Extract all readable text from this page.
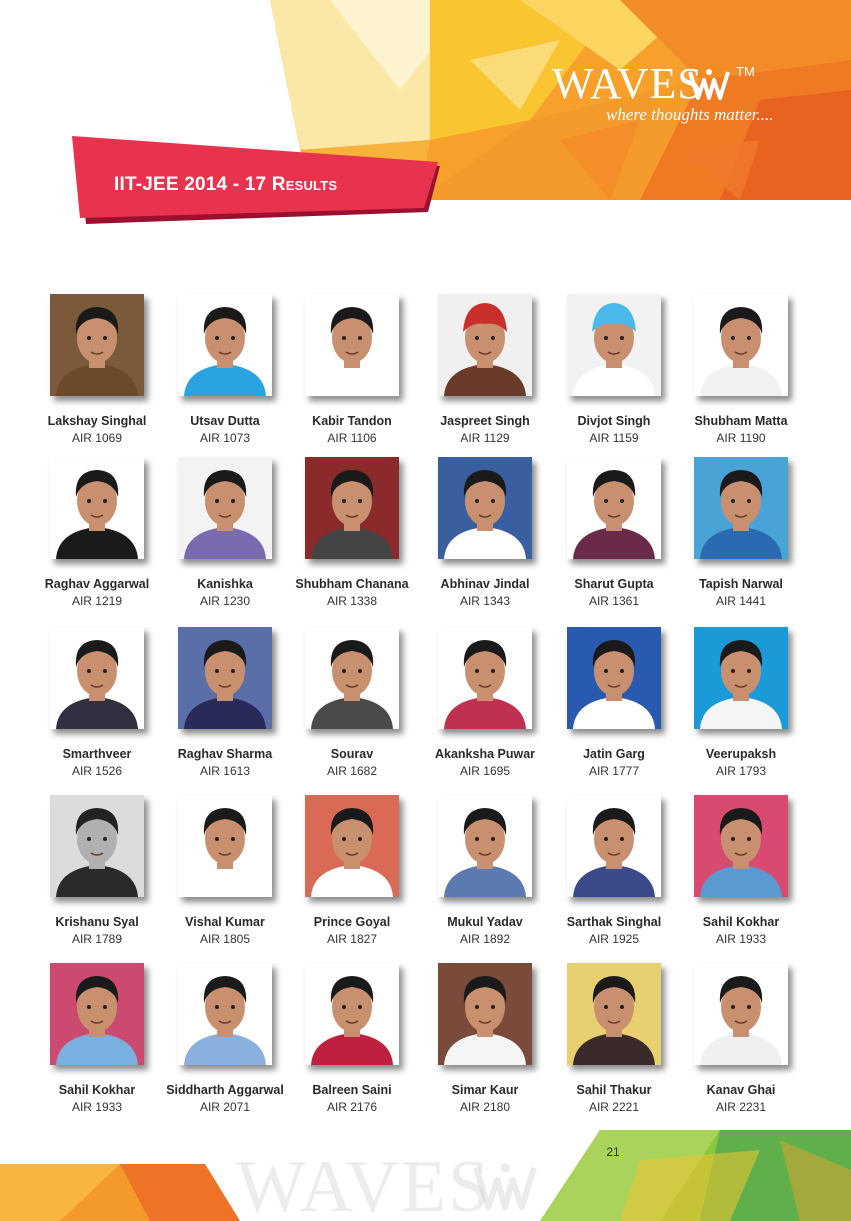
WAVES	TM
where thoughts matter....
IIT-JEE 2014 - 17 Results
Lakshay Singhal
AIR 1069
Utsav Dutta
AIR 1073
Kabir Tandon
AIR 1106
Jaspreet Singh
AIR 1129
Divjot Singh
AIR 1159
Shubham Matta
AIR 1190
Raghav Aggarwal
AIR 1219
Kanishka
AIR 1230
Shubham Chanana
AIR 1338
Abhinav Jindal
AIR 1343
Sharut Gupta
AIR 1361
Tapish Narwal
AIR 1441
Smarthveer
AIR 1526
Raghav Sharma
AIR 1613
Sourav
AIR 1682
Akanksha Puwar
AIR 1695
Jatin Garg
AIR 1777
Veerupaksh
AIR 1793
Krishanu Syal
AIR 1789
Vishal Kumar
AIR 1805
Prince Goyal
AIR 1827
Mukul Yadav
AIR 1892
Sarthak Singhal
AIR 1925
Sahil Kokhar
AIR 1933
Sahil Kokhar
AIR 1933
Siddharth Aggarwal
AIR 2071
Balreen Saini
AIR 2176
Simar Kaur
AIR 2180
Sahil Thakur
AIR 2221
Kanav Ghai
AIR 2231
WAVES	21
